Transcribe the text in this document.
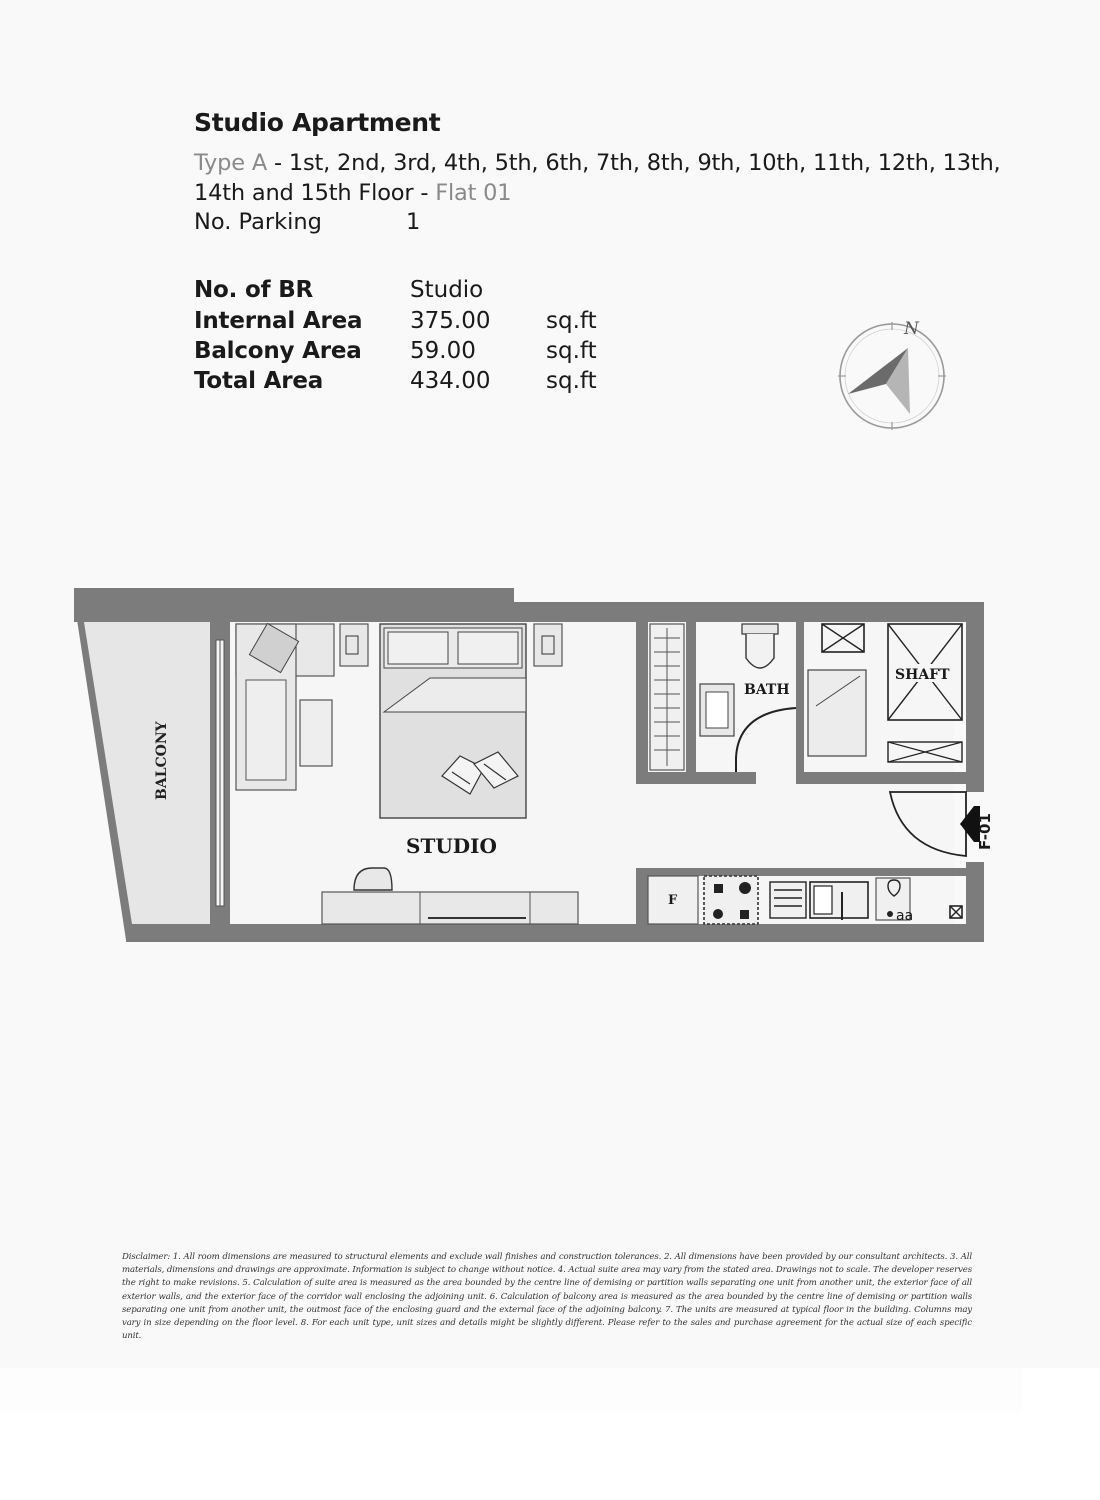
Studio Apartment
Type A - 1st, 2nd, 3rd, 4th, 5th, 6th, 7th, 8th, 9th, 10th, 11th, 12th, 13th, 14th and 15th Floor - Flat 01
No. Parking	1
No. of BR	Studio
Internal Area 375.00 sq.ft
Balcony Area 59.00	sq.ft
Total Area	434.00 sq.ft
N
BALCONY
STUDIO
BATH
SHAFT
F-01
F
aa
Disclaimer: 1. All room dimensions are measured to structural elements and exclude wall finishes and construction tolerances. 2. All dimensions have been provided by our consultant architects. 3. All materials, dimensions and drawings are approximate. Information is subject to change without notice. 4. Actual suite area may vary from the stated area. Drawings not to scale. The developer reserves the right to make revisions. 5. Calculation of suite area is measured as the area bounded by the centre line of demising or partition walls separating one unit from another unit, the exterior face of all exterior walls, and the exterior face of the corridor wall enclosing the adjoining unit. 6. Calculation of balcony area is measured as the area bounded by the centre line of demising or partition walls separating one unit from another unit, the outmost face of the enclosing guard and the external face of the adjoining balcony. 7. The units are measured at typical floor in the building. Columns may vary in size depending on the floor level. 8. For each unit type, unit sizes and details might be slightly different. Please refer to the sales and purchase agreement for the actual size of each specific unit.
